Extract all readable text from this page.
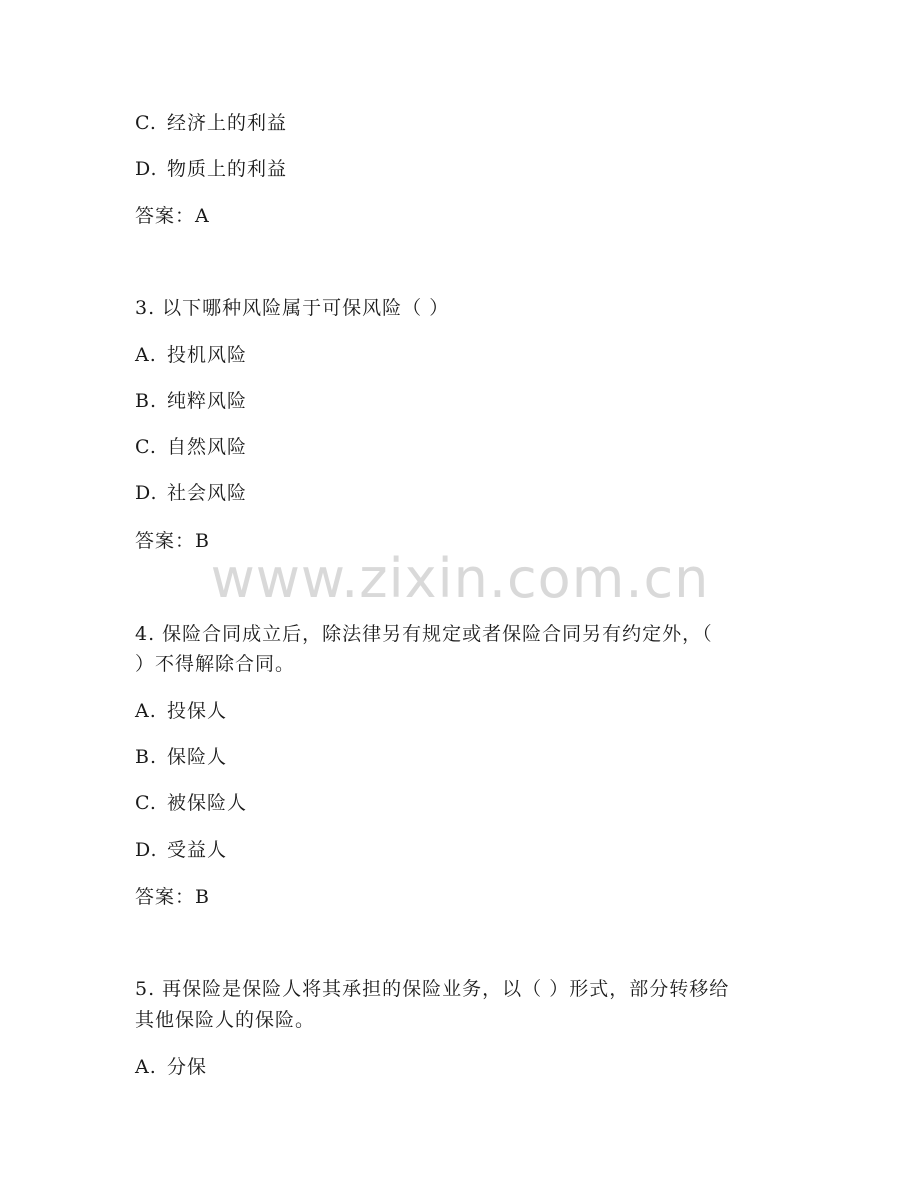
www.zixin.com.cn
C. 经济上的利益
D. 物质上的利益
答案：A
3. 以下哪种风险属于可保风险（ ）
A. 投机风险
B. 纯粹风险
C. 自然风险
D. 社会风险
答案：B
4. 保险合同成立后，除法律另有规定或者保险合同另有约定外，（
）不得解除合同。
A. 投保人
B. 保险人
C. 被保险人
D. 受益人
答案：B
5. 再保险是保险人将其承担的保险业务，以（ ）形式，部分转移给
其他保险人的保险。
A. 分保
